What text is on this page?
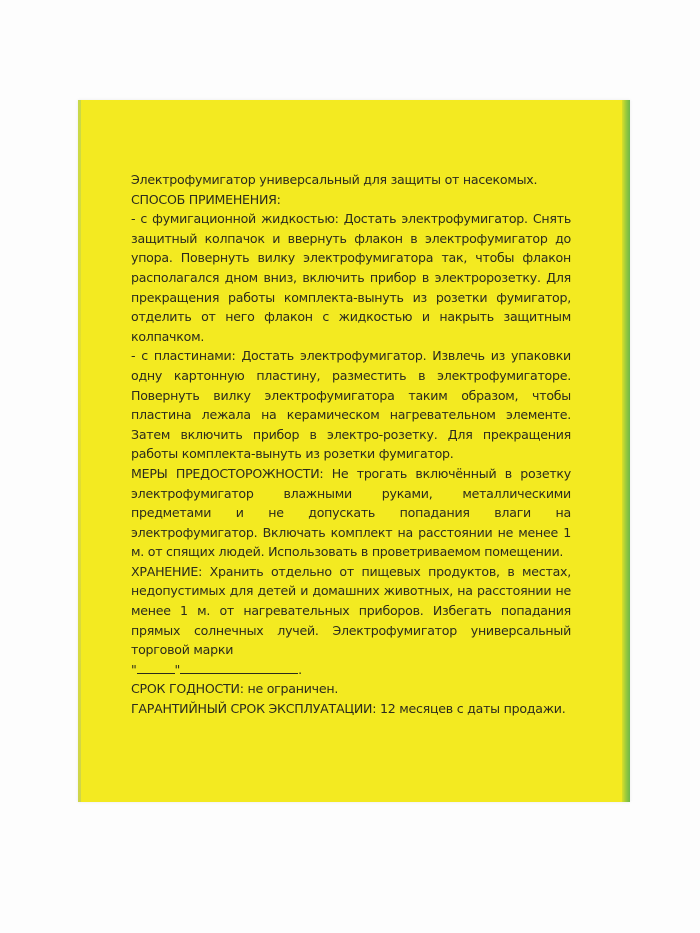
Электрофумигатор универсальный для защиты от насекомых.

СПОСОБ ПРИМЕНЕНИЯ:

- с фумигационной жидкостью: Достать электрофумигатор. Снять защитный колпачок и ввернуть флакон в электрофумигатор до упора. Повернуть вилку электрофумигатора так, чтобы флакон располагался дном вниз, включить прибор в электророзетку. Для прекращения работы комплекта-вынуть из розетки фумигатор, отделить от него флакон с жидкостью и накрыть защитным колпачком.

- с пластинами: Достать электрофумигатор. Извлечь из упаковки одну картонную пластину, разместить в электрофумигаторе. Повернуть вилку электрофумигатора таким образом, чтобы пластина лежала на керамическом нагревательном элементе. Затем включить прибор в электро-розетку. Для прекращения работы комплекта-вынуть из розетки фумигатор.

МЕРЫ ПРЕДОСТОРОЖНОСТИ: Не трогать включённый в розетку электрофумигатор влажными руками, металлическими предметами и не допускать попадания влаги на электрофумигатор. Включать комплект на расстоянии не менее 1 м. от спящих людей. Использовать в проветриваемом помещении.

ХРАНЕНИЕ: Хранить отдельно от пищевых продуктов, в местах, недопустимых для детей и домашних животных, на расстоянии не менее 1 м. от нагревательных приборов. Избегать попадания прямых солнечных лучей. Электрофумигатор универсальный торговой марки

"	"	.

СРОК ГОДНОСТИ: не ограничен.

ГАРАНТИЙНЫЙ СРОК ЭКСПЛУАТАЦИИ: 12 месяцев с даты продажи.
